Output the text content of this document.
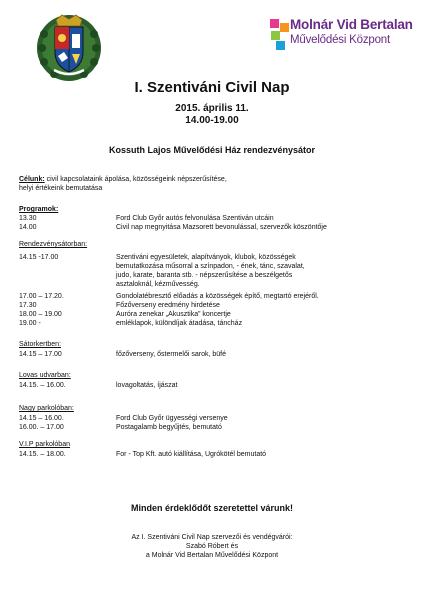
Molnár Vid Bertalan
Művelődési Központ
I. Szentiváni Civil Nap
2015. április 11.
14.00-19.00
Kossuth Lajos Művelődési Ház rendezvénysátor
Célunk: civil kapcsolataink ápolása, közösségeink népszerűsítése,
helyi értékeink bemutatása
Programok:
13.30	Ford Club Győr autós felvonulása Szentiván utcáin
14.00	Civil nap megnyitása Mazsorett bevonulással, szervezők köszöntője
Rendezvénysátorban:
14.15 -17.00	Szentiváni egyesületek, alapítványok, klubok, közösségek
bemutatkozása műsorral a színpadon, - ének, tánc, szavalat,
judo, karate, baranta stb. - népszerűsítése a beszélgetős
asztaloknál, kézművesség.
17.00 – 17.20.	Gondolatébresztő előadás a közösségek építő, megtartó erejéről.
17.30	Főzőverseny eredmény hirdetése
18.00 – 19.00	Auróra zenekar „Akusztika” koncertje
19.00 -	emléklapok, különdíjak átadása, táncház
Sátorkertben:
14.15 – 17.00	főzőverseny, őstermelői sarok, büfé
Lovas udvarban:
14.15. – 16.00.	lovagoltatás, íjászat
Nagy parkolóban:
14.15 – 16.00.	Ford Club Győr ügyességi versenye
16.00. – 17.00	Postagalamb begyűjtés, bemutató
V.I.P parkolóban
14.15. – 18.00.	For - Top Kft. autó kiállítása, Ugrókötél bemutató
Minden érdeklődőt szeretettel várunk!
Az I. Szentiváni Civil Nap szervezői és vendégvárói:
Szabó Róbert és
a Molnár Vid Bertalan Művelődési Központ
